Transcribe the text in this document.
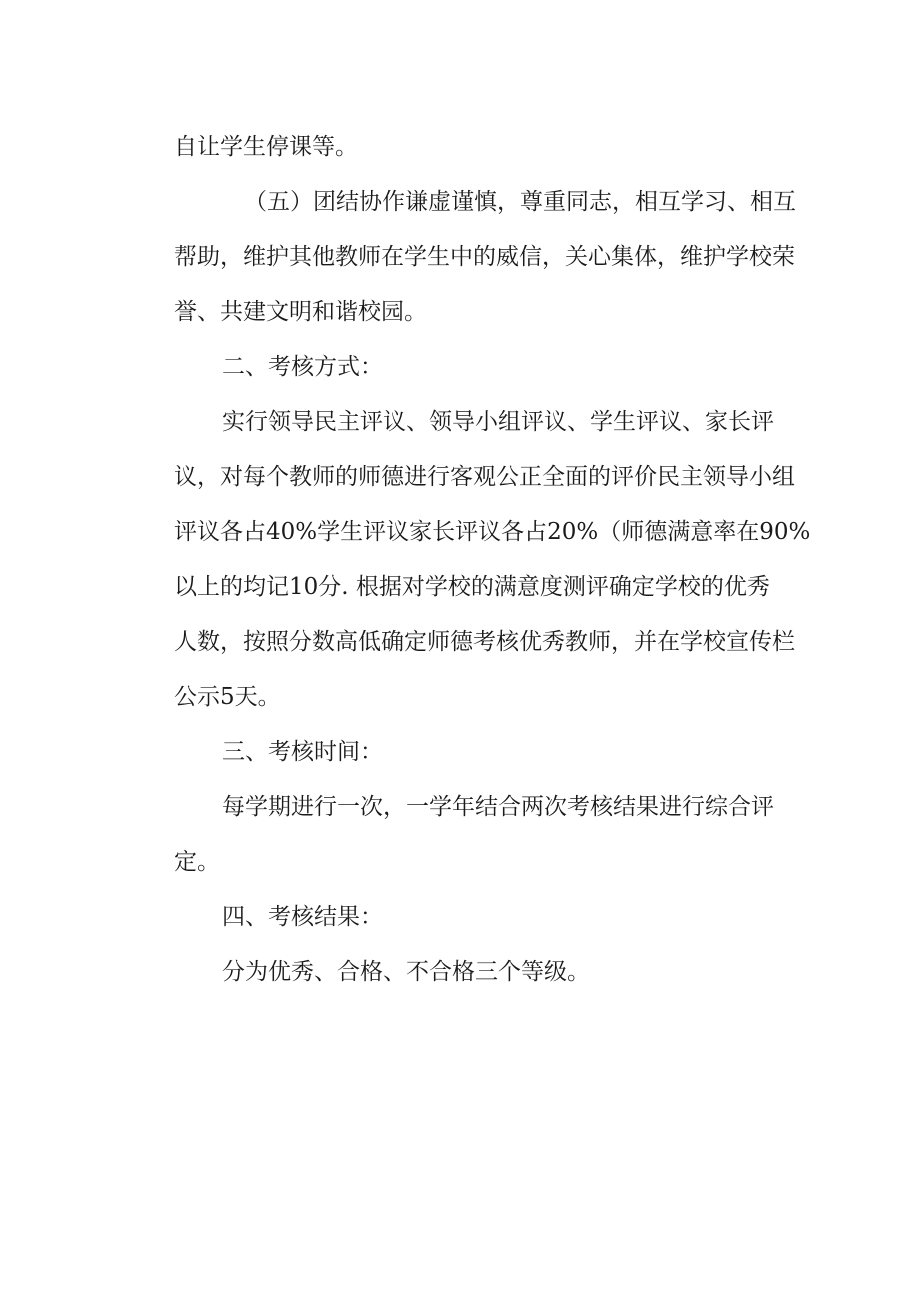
自让学生停课等。
（五）团结协作谦虚谨慎，尊重同志，相互学习、相互
帮助，维护其他教师在学生中的威信，关心集体，维护学校荣
誉、共建文明和谐校园。
二、考核方式：
实行领导民主评议、领导小组评议、学生评议、家长评
议，对每个教师的师德进行客观公正全面的评价民主领导小组
评议各占40%学生评议家长评议各占20%（师德满意率在90%
以上的均记10分. 根据对学校的满意度测评确定学校的优秀
人数，按照分数高低确定师德考核优秀教师，并在学校宣传栏
公示5天。
三、考核时间：
每学期进行一次，一学年结合两次考核结果进行综合评
定。
四、考核结果：
分为优秀、合格、不合格三个等级。
